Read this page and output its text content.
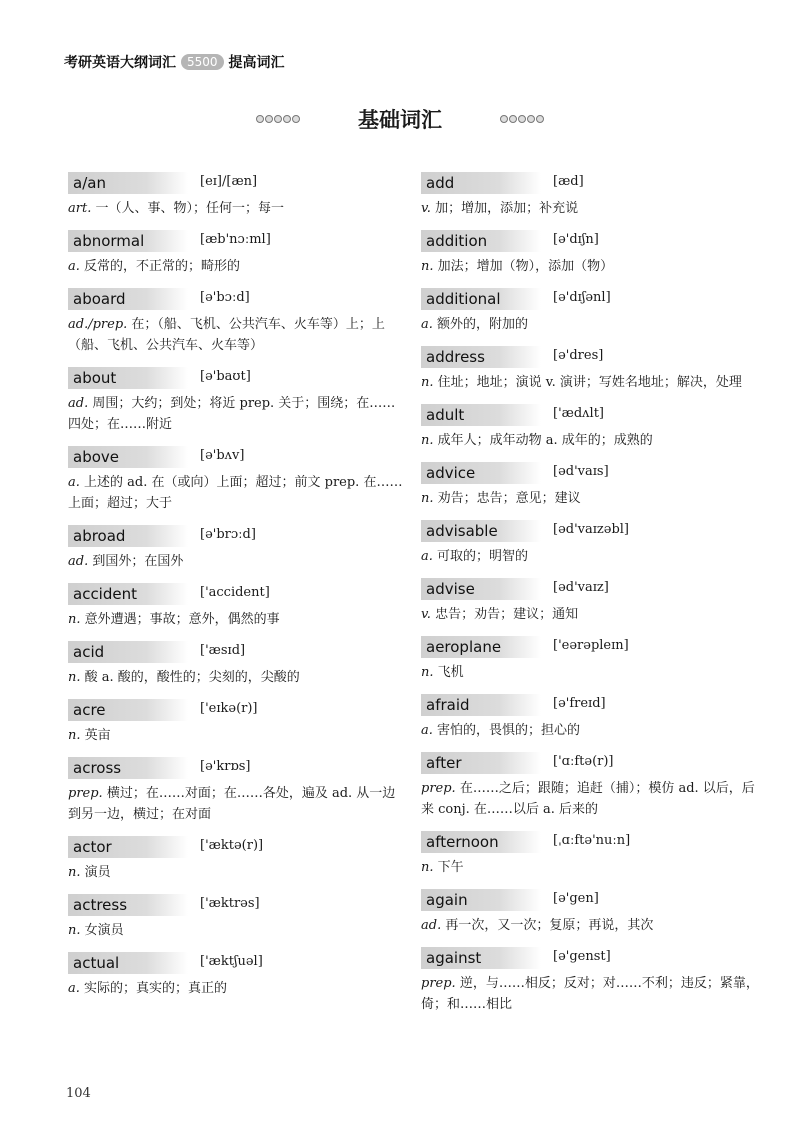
考研英语大纲词汇 5500 提高词汇
基础词汇
a/an	[eɪ]/[æn]
art. 一（人、事、物）；任何一；每一
abnormal	[æb'nɔːml]
a. 反常的，不正常的；畸形的
aboard	[ə'bɔːd]
ad./prep. 在；（船、飞机、公共汽车、火车等）上；上（船、飞机、公共汽车、火车等）
about	[ə'baʊt]
ad. 周围；大约；到处；将近 prep. 关于；围绕；在……四处；在……附近
above	[ə'bʌv]
a. 上述的 ad. 在（或向）上面；超过；前文 prep. 在……上面；超过；大于
abroad	[ə'brɔːd]
ad. 到国外；在国外
accident	['accident]
n. 意外遭遇；事故；意外，偶然的事
acid	['æsɪd]
n. 酸 a. 酸的，酸性的；尖刻的，尖酸的
acre	['eɪkə(r)]
n. 英亩
across	[ə'krɒs]
prep. 横过；在……对面；在……各处，遍及 ad. 从一边到另一边，横过；在对面
actor	['æktə(r)]
n. 演员
actress	['æktrəs]
n. 女演员
actual	['æktʃuəl]
a. 实际的；真实的；真正的
add	[æd]
v. 加；增加，添加；补充说
addition	[ə'dɪʃn]
n. 加法；增加（物），添加（物）
additional	[ə'dɪʃənl]
a. 额外的，附加的
address	[ə'dres]
n. 住址；地址；演说 v. 演讲；写姓名地址；解决，处理
adult	['ædʌlt]
n. 成年人；成年动物 a. 成年的；成熟的
advice	[əd'vaɪs]
n. 劝告；忠告；意见；建议
advisable	[əd'vaɪzəbl]
a. 可取的；明智的
advise	[əd'vaɪz]
v. 忠告；劝告；建议；通知
aeroplane	['eərəpleɪn]
n. 飞机
afraid	[ə'freɪd]
a. 害怕的，畏惧的；担心的
after	['ɑːftə(r)]
prep. 在……之后；跟随；追赶（捕）；模仿 ad. 以后，后来 conj. 在……以后 a. 后来的
afternoon	[ˌɑːftə'nuːn]
n. 下午
again	[ə'gen]
ad. 再一次，又一次；复原；再说，其次
against	[ə'genst]
prep. 逆，与……相反；反对；对……不利；违反；紧靠，倚；和……相比
104
